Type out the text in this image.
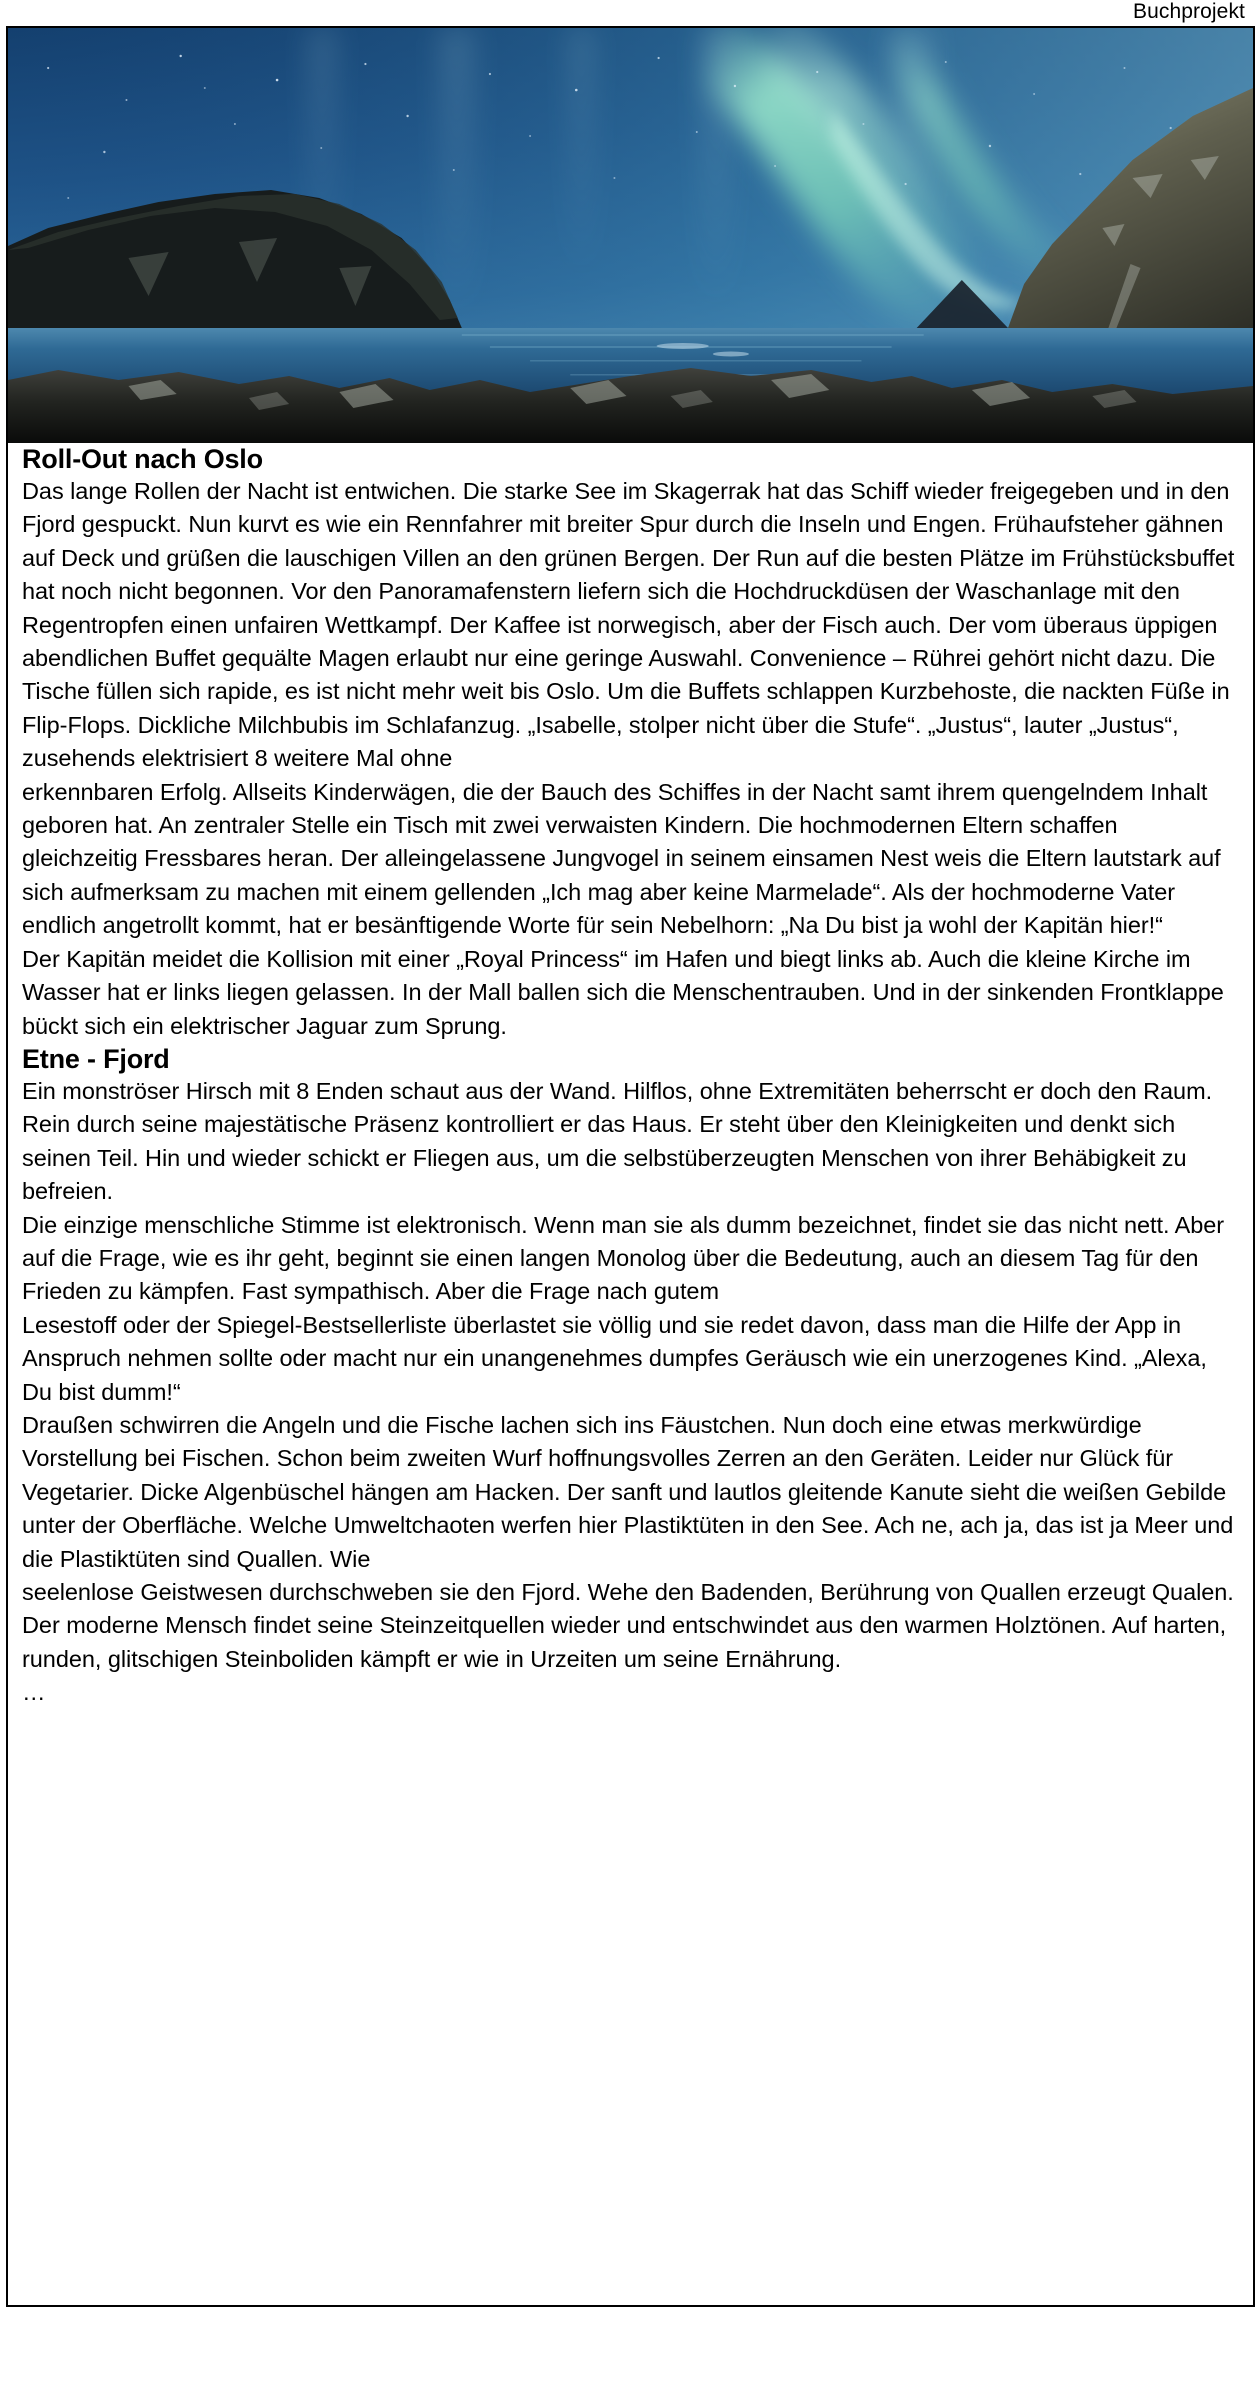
Buchprojekt
Roll-Out nach Oslo

Das lange Rollen der Nacht ist entwichen. Die starke See im Skagerrak hat das Schiff wieder freigegeben und in den Fjord gespuckt. Nun kurvt es wie ein Rennfahrer mit breiter Spur durch die Inseln und Engen. Frühaufsteher gähnen auf Deck und grüßen die lauschigen Villen an den grünen Bergen. Der Run auf die besten Plätze im Frühstücksbuffet hat noch nicht begonnen. Vor den Panoramafenstern liefern sich die Hochdruckdüsen der Waschanlage mit den Regentropfen einen unfairen Wettkampf. Der Kaffee ist norwegisch, aber der Fisch auch. Der vom überaus üppigen abendlichen Buffet gequälte Magen erlaubt nur eine geringe Auswahl. Convenience – Rührei gehört nicht dazu. Die Tische füllen sich rapide, es ist nicht mehr weit bis Oslo. Um die Buffets schlappen Kurzbehoste, die nackten Füße in Flip-Flops. Dickliche Milchbubis im Schlafanzug. „Isabelle, stolper nicht über die Stufe“. „Justus“, lauter „Justus“, zusehends elektrisiert 8 weitere Mal ohne

erkennbaren Erfolg. Allseits Kinderwägen, die der Bauch des Schiffes in der Nacht samt ihrem quengelndem Inhalt geboren hat. An zentraler Stelle ein Tisch mit zwei verwaisten Kindern. Die hochmodernen Eltern schaffen gleichzeitig Fressbares heran. Der alleingelassene Jungvogel in seinem einsamen Nest weis die Eltern lautstark auf sich aufmerksam zu machen mit einem gellenden „Ich mag aber keine Marmelade“. Als der hochmoderne Vater endlich angetrollt kommt, hat er besänftigende Worte für sein Nebelhorn: „Na Du bist ja wohl der Kapitän hier!“

Der Kapitän meidet die Kollision mit einer „Royal Princess“ im Hafen und biegt links ab. Auch die kleine Kirche im Wasser hat er links liegen gelassen. In der Mall ballen sich die Menschentrauben. Und in der sinkenden Frontklappe bückt sich ein elektrischer Jaguar zum Sprung.

Etne - Fjord

Ein monströser Hirsch mit 8 Enden schaut aus der Wand. Hilflos, ohne Extremitäten beherrscht er doch den Raum. Rein durch seine majestätische Präsenz kontrolliert er das Haus. Er steht über den Kleinigkeiten und denkt sich seinen Teil. Hin und wieder schickt er Fliegen aus, um die selbstüberzeugten Menschen von ihrer Behäbigkeit zu befreien.

Die einzige menschliche Stimme ist elektronisch. Wenn man sie als dumm bezeichnet, findet sie das nicht nett. Aber auf die Frage, wie es ihr geht, beginnt sie einen langen Monolog über die Bedeutung, auch an diesem Tag für den Frieden zu kämpfen. Fast sympathisch. Aber die Frage nach gutem

Lesestoff oder der Spiegel-Bestsellerliste überlastet sie völlig und sie redet davon, dass man die Hilfe der App in Anspruch nehmen sollte oder macht nur ein unangenehmes dumpfes Geräusch wie ein unerzogenes Kind. „Alexa, Du bist dumm!“

Draußen schwirren die Angeln und die Fische lachen sich ins Fäustchen. Nun doch eine etwas merkwürdige Vorstellung bei Fischen. Schon beim zweiten Wurf hoffnungsvolles Zerren an den Geräten. Leider nur Glück für Vegetarier. Dicke Algenbüschel hängen am Hacken. Der sanft und lautlos gleitende Kanute sieht die weißen Gebilde unter der Oberfläche. Welche Umweltchaoten werfen hier Plastiktüten in den See. Ach ne, ach ja, das ist ja Meer und die Plastiktüten sind Quallen. Wie

seelenlose Geistwesen durchschweben sie den Fjord. Wehe den Badenden, Berührung von Quallen erzeugt Qualen.

Der moderne Mensch findet seine Steinzeitquellen wieder und entschwindet aus den warmen Holztönen. Auf harten, runden, glitschigen Steinboliden kämpft er wie in Urzeiten um seine Ernährung.

…
